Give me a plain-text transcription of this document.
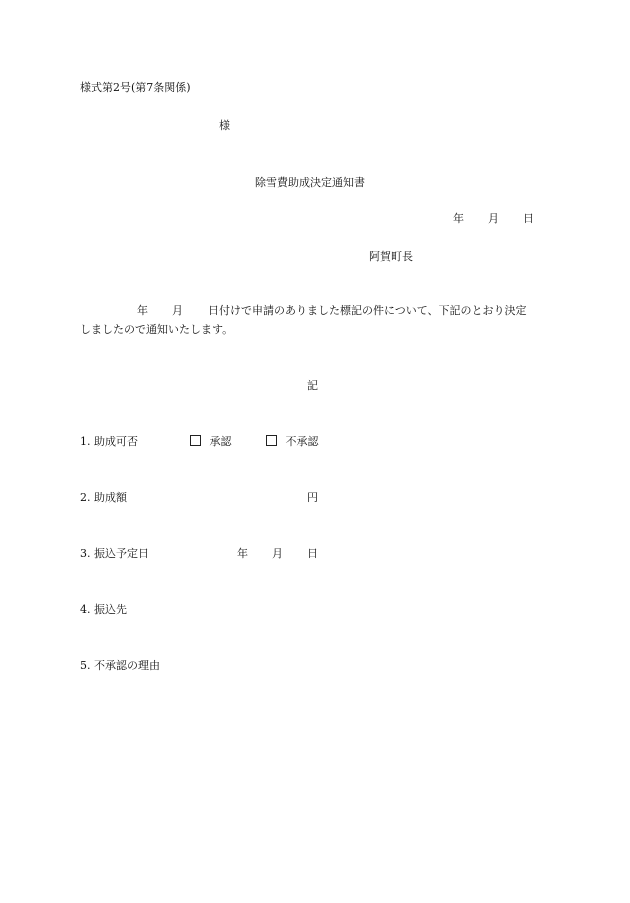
様式第2号(第7条関係)
様
除雪費助成決定通知書
年 月 日
阿賀町長
年 月 日付けで申請のありました標記の件について、下記のとおり決定
しましたので通知いたします。
記
1. 助成可否	承認	不承認
2. 助成額	円
3. 振込予定日	年 月 日
4. 振込先
5. 不承認の理由
